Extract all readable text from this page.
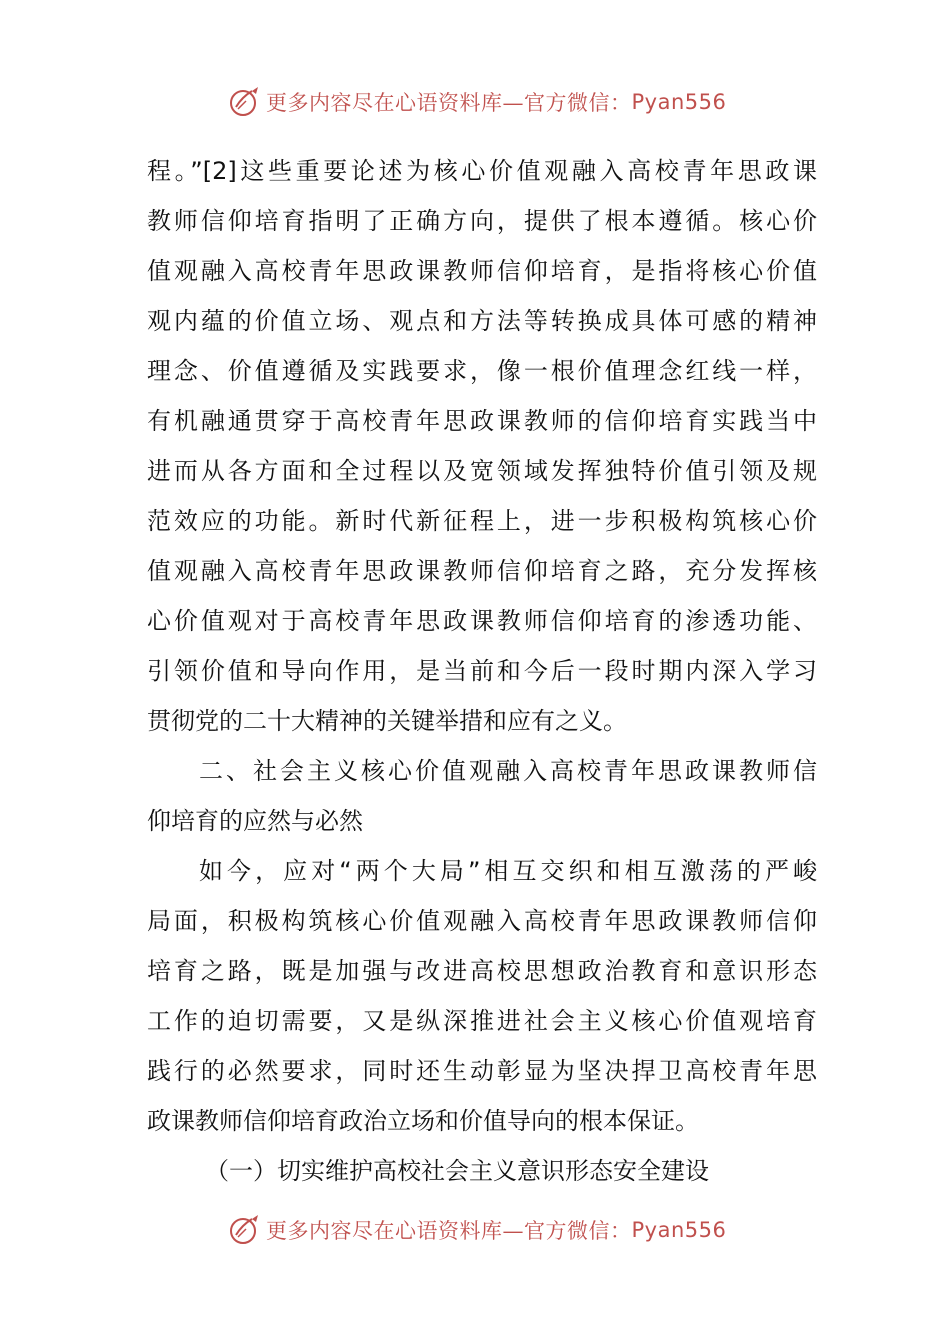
更多内容尽在心语资料库—官方微信： Pyan556
程。”[2]这些重要论述为核心价值观融入高校青年思政课
教师信仰培育指明了正确方向，提供了根本遵循。核心价
值观融入高校青年思政课教师信仰培育，是指将核心价值
观内蕴的价值立场、观点和方法等转换成具体可感的精神
理念、价值遵循及实践要求，像一根价值理念红线一样，
有机融通贯穿于高校青年思政课教师的信仰培育实践当中
进而从各方面和全过程以及宽领域发挥独特价值引领及规
范效应的功能。新时代新征程上，进一步积极构筑核心价
值观融入高校青年思政课教师信仰培育之路，充分发挥核
心价值观对于高校青年思政课教师信仰培育的渗透功能、
引领价值和导向作用，是当前和今后一段时期内深入学习
贯彻党的二十大精神的关键举措和应有之义。
二、社会主义核心价值观融入高校青年思政课教师信
仰培育的应然与必然
如今，应对“两个大局”相互交织和相互激荡的严峻
局面，积极构筑核心价值观融入高校青年思政课教师信仰
培育之路，既是加强与改进高校思想政治教育和意识形态
工作的迫切需要，又是纵深推进社会主义核心价值观培育
践行的必然要求，同时还生动彰显为坚决捍卫高校青年思
政课教师信仰培育政治立场和价值导向的根本保证。
（一）切实维护高校社会主义意识形态安全建设
更多内容尽在心语资料库—官方微信： Pyan556
